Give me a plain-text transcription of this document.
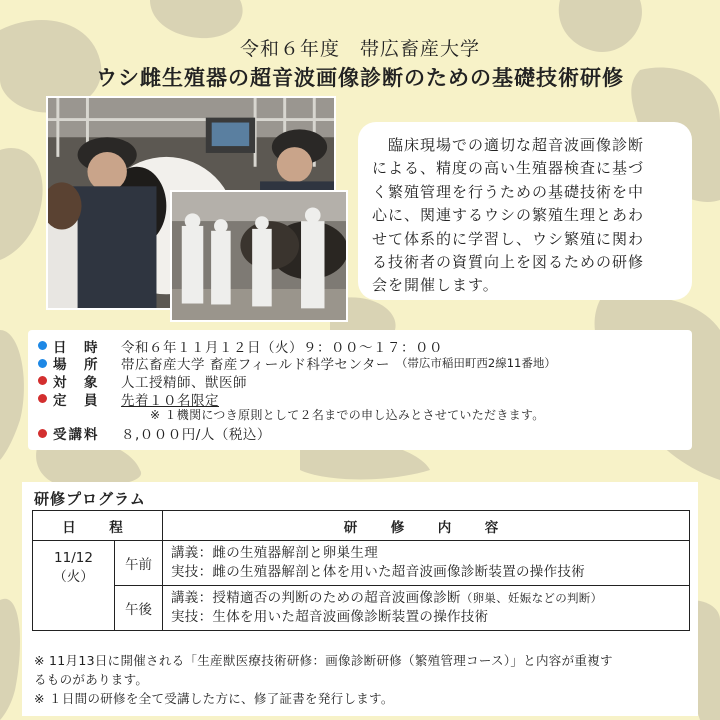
令和６年度　帯広畜産大学
ウシ雌生殖器の超音波画像診断のための基礎技術研修
　臨床現場での適切な超音波画像診断
による、精度の高い生殖器検査に基づ
く繁殖管理を行うための基礎技術を中
心に、関連するウシの繁殖生理とあわ
せて体系的に学習し、ウシ繁殖に関わ
る技術者の資質向上を図るための研修
会を開催します。
日　時	令和６年１１月１２日（火）９：００～１７：００
場　所	帯広畜産大学 畜産フィールド科学センター （帯広市稲田町西2線11番地）
対　象	人工授精師、獣医師
定　員	先着１０名限定
※ １機関につき原則として２名までの申し込みとさせていただきます。
受講料	８,０００円/人（税込）
研修プログラム
日　程		研　修　内　容

11/12
（火）	午前	講義：雌の生殖器解剖と卵巣生理
実技：雌の生殖器解剖と体を用いた超音波画像診断装置の操作技術

	午後	講義：授精適否の判断のための超音波画像診断（卵巣、妊娠などの判断）
実技：生体を用いた超音波画像診断装置の操作技術
※ 11月13日に開催される「生産獣医療技術研修：画像診断研修（繁殖管理コース）」と内容が重複す
るものがあります。
※ １日間の研修を全て受講した方に、修了証書を発行します。
